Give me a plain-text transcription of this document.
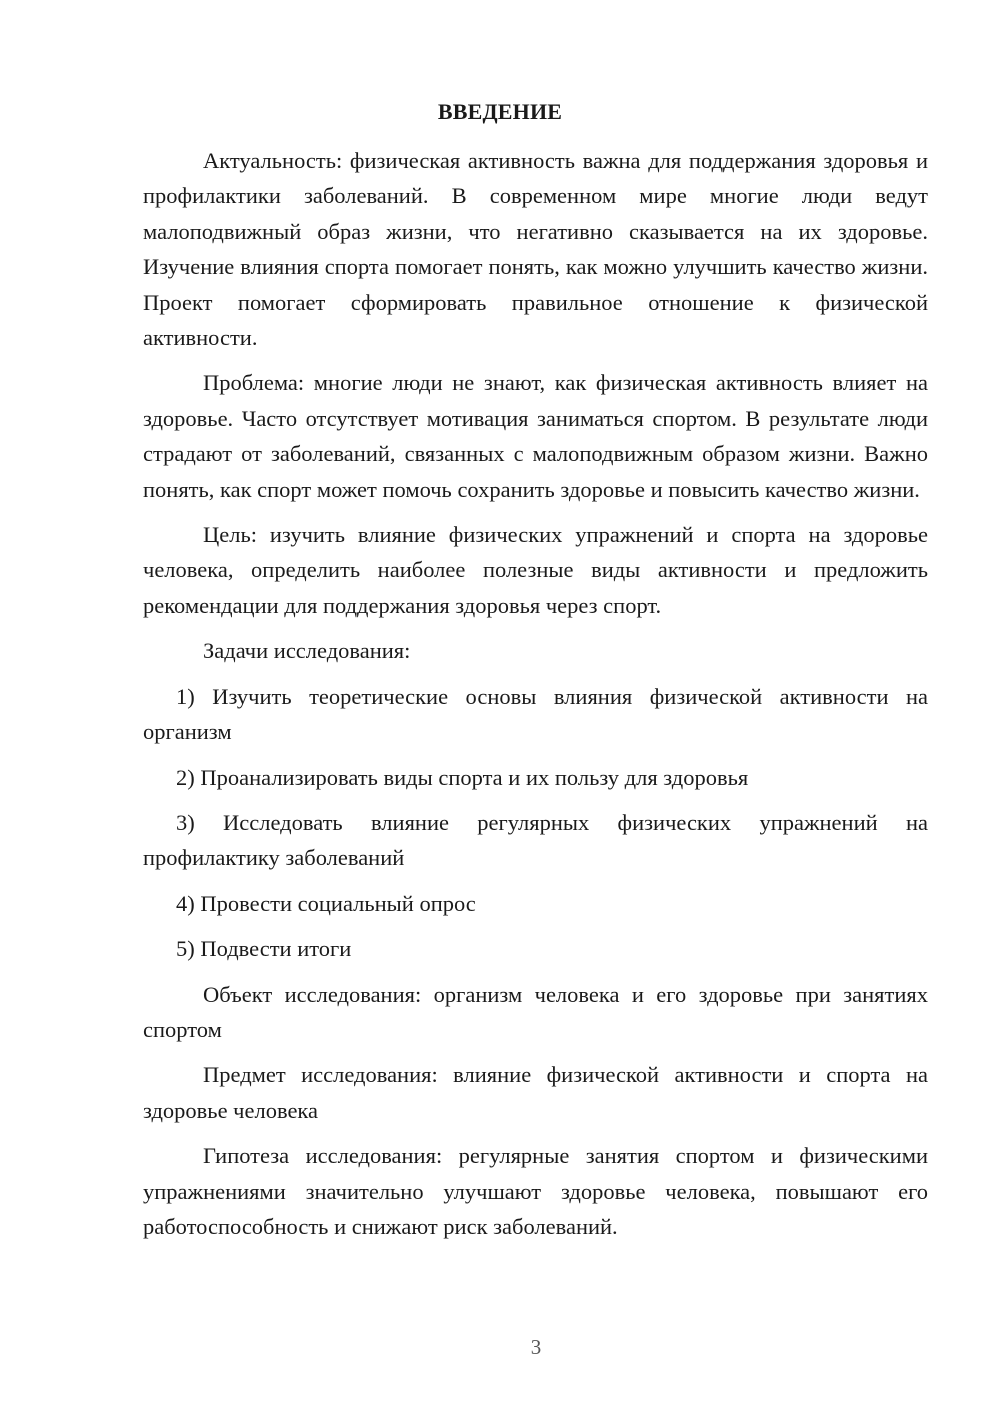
ВВЕДЕНИЕ

Актуальность: физическая активность важна для поддержания здоровья и профилактики заболеваний. В современном мире многие люди ведут малоподвижный образ жизни, что негативно сказывается на их здоровье. Изучение влияния спорта помогает понять, как можно улучшить качество жизни. Проект помогает сформировать правильное отношение к физической активности.

Проблема: многие люди не знают, как физическая активность влияет на здоровье. Часто отсутствует мотивация заниматься спортом. В результате люди страдают от заболеваний, связанных с малоподвижным образом жизни. Важно понять, как спорт может помочь сохранить здоровье и повысить качество жизни.

Цель: изучить влияние физических упражнений и спорта на здоровье человека, определить наиболее полезные виды активности и предложить рекомендации для поддержания здоровья через спорт.

Задачи исследования:

1) Изучить теоретические основы влияния физической активности на организм

2) Проанализировать виды спорта и их пользу для здоровья

3) Исследовать влияние регулярных физических упражнений на профилактику заболеваний

4) Провести социальный опрос

5) Подвести итоги

Объект исследования: организм человека и его здоровье при занятиях спортом

Предмет исследования: влияние физической активности и спорта на здоровье человека

Гипотеза исследования: регулярные занятия спортом и физическими упражнениями значительно улучшают здоровье человека, повышают его работоспособность и снижают риск заболеваний.

3
